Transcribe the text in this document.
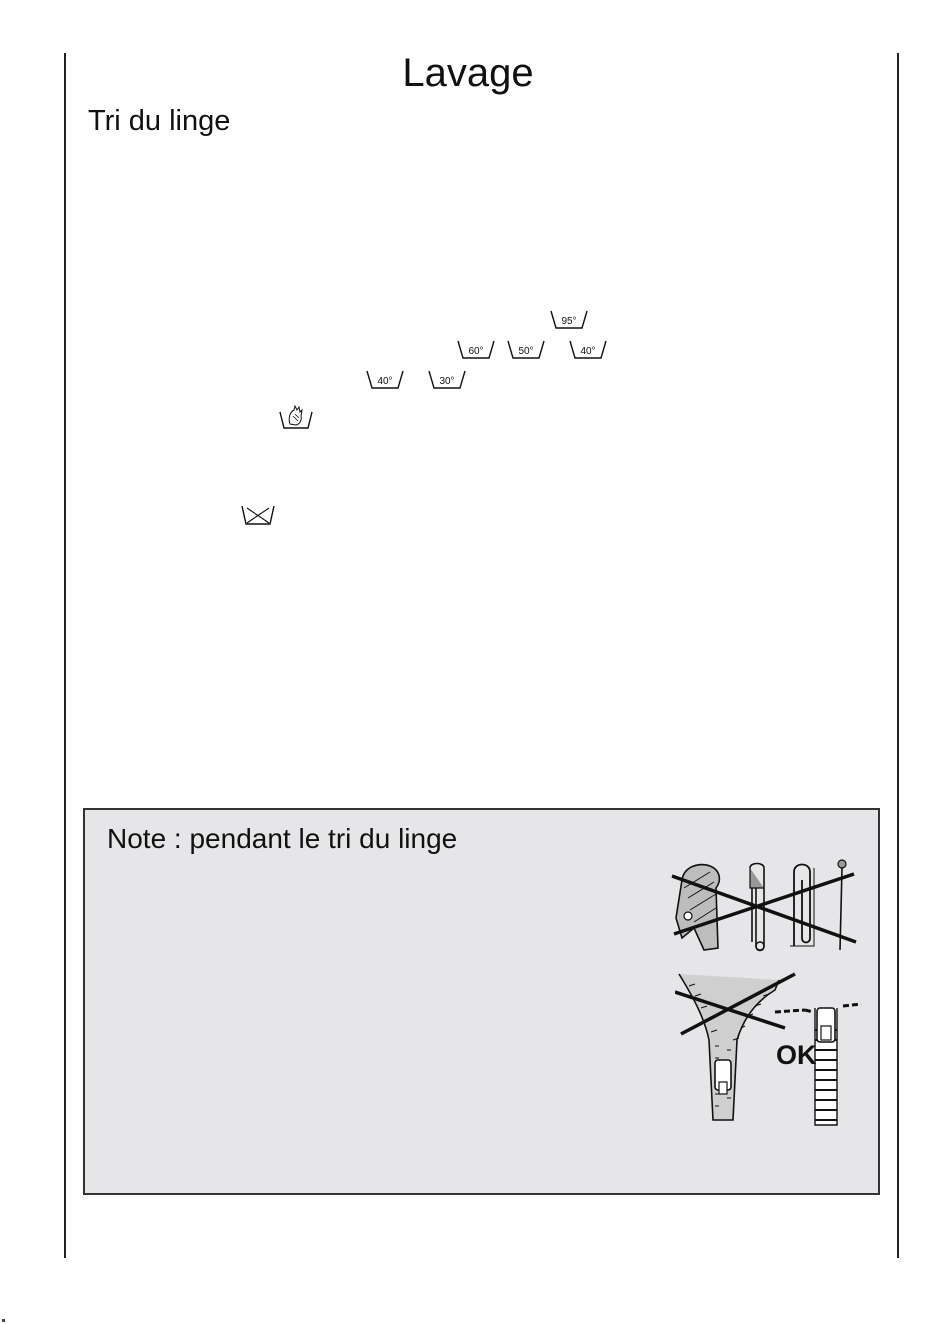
Lavage
Tri du linge
95°
60°	50°	40°
40°	30°
Note : pendant le tri du linge
OK
